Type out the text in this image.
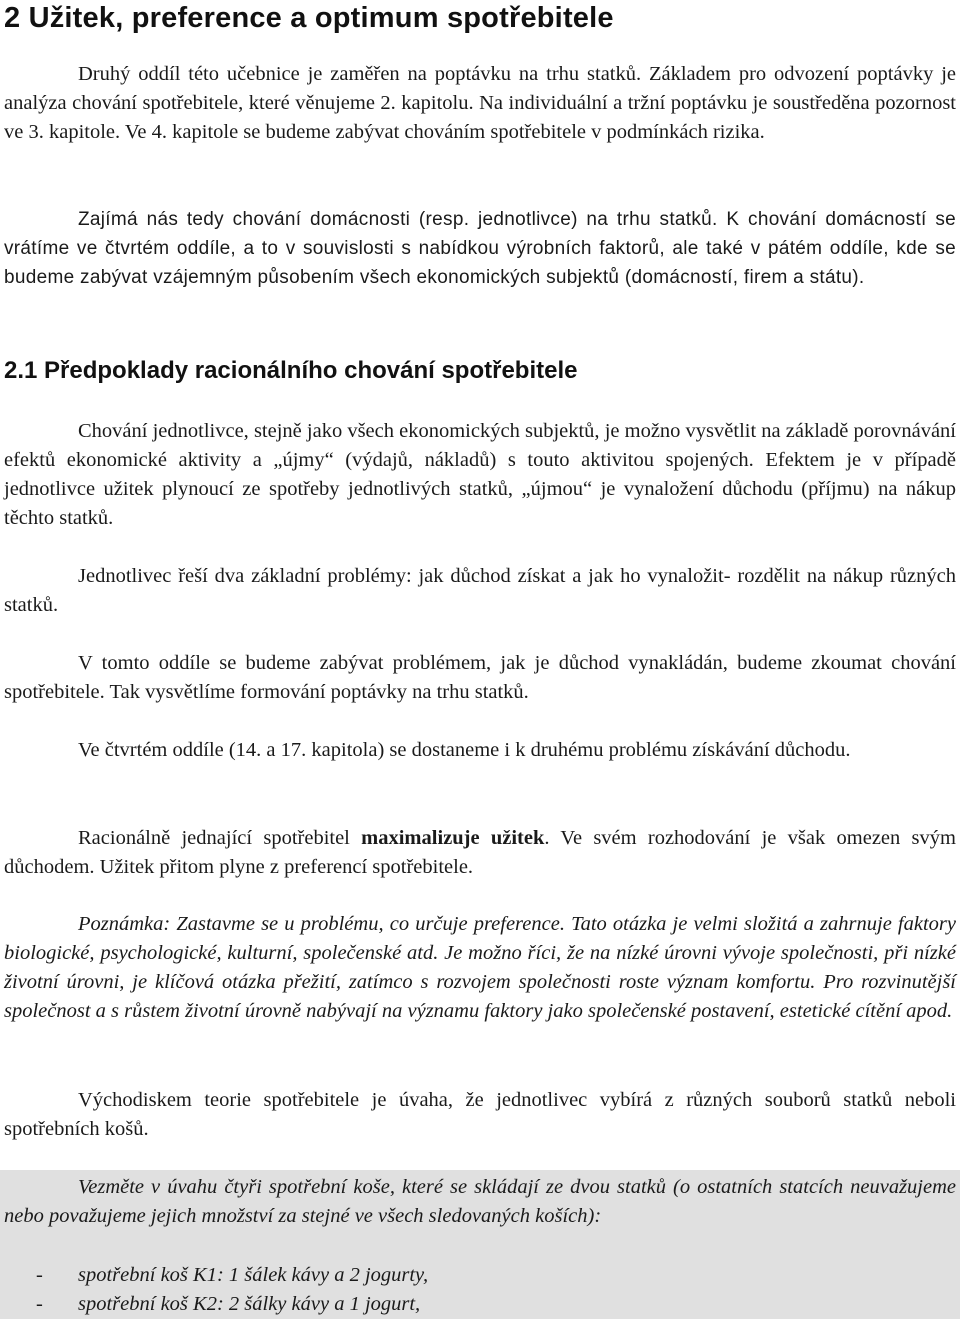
2 Užitek, preference a optimum spotřebitele

Druhý oddíl této učebnice je zaměřen na poptávku na trhu statků. Základem pro odvození poptávky je analýza chování spotřebitele, které věnujeme 2. kapitolu. Na individuální a tržní poptávku je soustředěna pozornost ve 3. kapitole. Ve 4. kapitole se budeme zabývat chováním spotřebitele v podmínkách rizika.

Zajímá nás tedy chování domácnosti (resp. jednotlivce) na trhu statků. K chování domácností se vrátíme ve čtvrtém oddíle, a to v souvislosti s nabídkou výrobních faktorů, ale také v pátém oddíle, kde se budeme zabývat vzájemným působením všech ekonomických subjektů (domácností, firem a státu).

2.1 Předpoklady racionálního chování spotřebitele

Chování jednotlivce, stejně jako všech ekonomických subjektů, je možno vysvětlit na základě porovnávání efektů ekonomické aktivity a „újmy“ (výdajů, nákladů) s touto aktivitou spojených. Efektem je v případě jednotlivce užitek plynoucí ze spotřeby jednotlivých statků, „újmou“ je vynaložení důchodu (příjmu) na nákup těchto statků.

Jednotlivec řeší dva základní problémy: jak důchod získat a jak ho vynaložit- rozdělit na nákup různých statků.

V tomto oddíle se budeme zabývat problémem, jak je důchod vynakládán, budeme zkoumat chování spotřebitele. Tak vysvětlíme formování poptávky na trhu statků.

Ve čtvrtém oddíle (14. a 17. kapitola) se dostaneme i k druhému problému získávání důchodu.

Racionálně jednající spotřebitel maximalizuje užitek. Ve svém rozhodování je však omezen svým důchodem. Užitek přitom plyne z preferencí spotřebitele.

Poznámka: Zastavme se u problému, co určuje preference. Tato otázka je velmi složitá a zahrnuje faktory biologické, psychologické, kulturní, společenské atd. Je možno říci, že na nízké úrovni vývoje společnosti, při nízké životní úrovni, je klíčová otázka přežití, zatímco s rozvojem společnosti roste význam komfortu. Pro rozvinutější společnost a s růstem životní úrovně nabývají na významu faktory jako společenské postavení, estetické cítění apod.

Východiskem teorie spotřebitele je úvaha, že jednotlivec vybírá z různých souborů statků neboli spotřebních košů.

Vezměte v úvahu čtyři spotřební koše, které se skládají ze dvou statků (o ostatních statcích neuvažujeme nebo považujeme jejich množství za stejné ve všech sledovaných koších):

- spotřební koš K1: 1 šálek kávy a 2 jogurty,

- spotřební koš K2: 2 šálky kávy a 1 jogurt,
